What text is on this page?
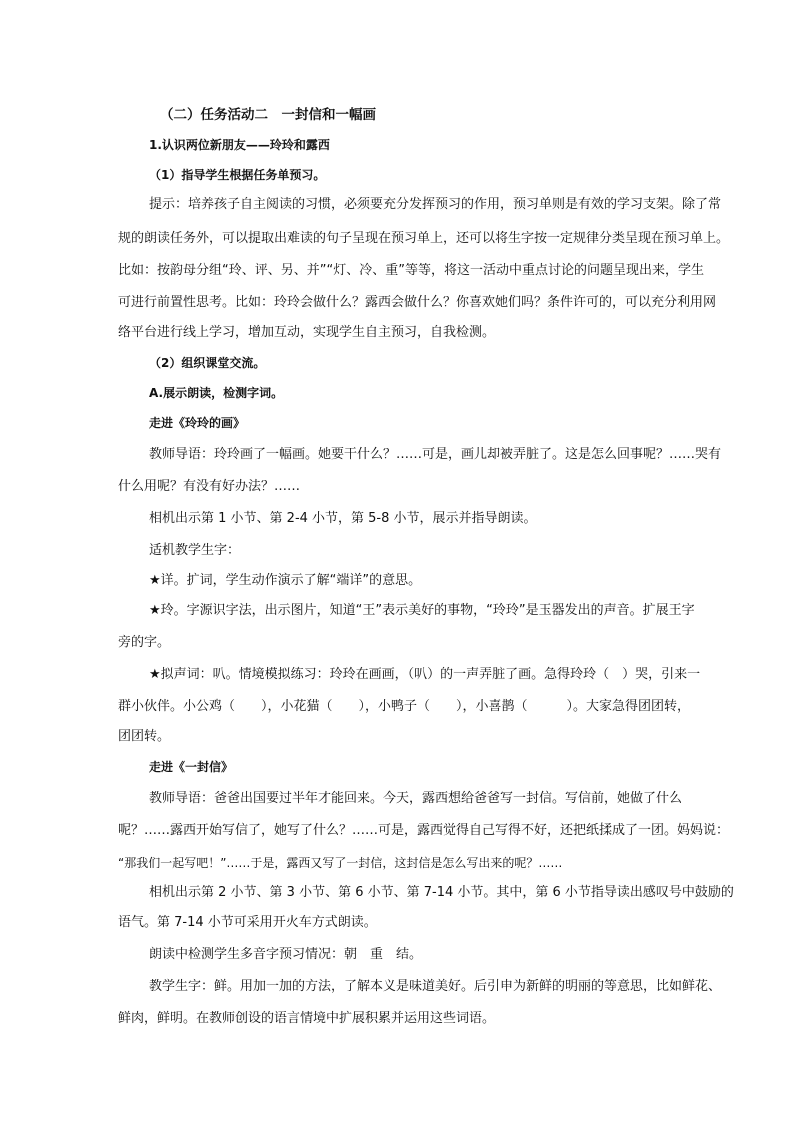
（二）任务活动二　一封信和一幅画
1.认识两位新朋友——玲玲和露西
（1）指导学生根据任务单预习。
提示：培养孩子自主阅读的习惯，必须要充分发挥预习的作用，预习单则是有效的学习支架。除了常
规的朗读任务外，可以提取出难读的句子呈现在预习单上，还可以将生字按一定规律分类呈现在预习单上。
比如：按韵母分组“玲、评、另、并”“灯、冷、重”等等，将这一活动中重点讨论的问题呈现出来，学生
可进行前置性思考。比如：玲玲会做什么？露西会做什么？你喜欢她们吗？条件许可的，可以充分利用网
络平台进行线上学习，增加互动，实现学生自主预习，自我检测。
（2）组织课堂交流。
A.展示朗读，检测字词。
走进《玲玲的画》
教师导语：玲玲画了一幅画。她要干什么？……可是，画儿却被弄脏了。这是怎么回事呢？……哭有
什么用呢？有没有好办法？……
相机出示第 1 小节、第 2-4 小节，第 5-8 小节，展示并指导朗读。
适机教学生字：
★详。扩词，学生动作演示了解“端详”的意思。
★玲。字源识字法，出示图片，知道“王”表示美好的事物，“玲玲”是玉器发出的声音。扩展王字
旁的字。
★拟声词：叭。情境模拟练习：玲玲在画画，（叭）的一声弄脏了画。急得玲玲（　）哭，引来一
群小伙伴。小公鸡（　　），小花猫（　　），小鸭子（　　），小喜鹊（　　　）。大家急得团团转，
团团转。
走进《一封信》
教师导语：爸爸出国要过半年才能回来。今天，露西想给爸爸写一封信。写信前，她做了什么
呢？……露西开始写信了，她写了什么？……可是，露西觉得自己写得不好，还把纸揉成了一团。妈妈说：
“那我们一起写吧！”……于是，露西又写了一封信，这封信是怎么写出来的呢？……
相机出示第 2 小节、第 3 小节、第 6 小节、第 7-14 小节。其中，第 6 小节指导读出感叹号中鼓励的
语气。第 7-14 小节可采用开火车方式朗读。
朗读中检测学生多音字预习情况：朝　重　结。
教学生字：鲜。用加一加的方法，了解本义是味道美好。后引申为新鲜的明丽的等意思，比如鲜花、
鲜肉，鲜明。在教师创设的语言情境中扩展积累并运用这些词语。
